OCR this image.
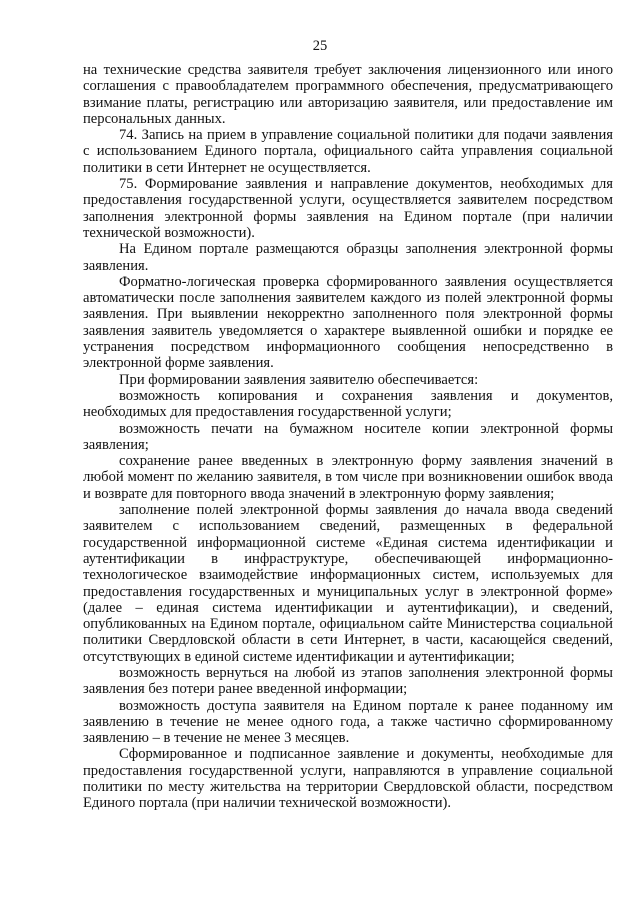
25

на технические средства заявителя требует заключения лицензионного или иного соглашения с правообладателем программного обеспечения, предусматривающего взимание платы, регистрацию или авторизацию заявителя, или предоставление им персональных данных.

74. Запись на прием в управление социальной политики для подачи заявления с использованием Единого портала, официального сайта управления социальной политики в сети Интернет не осуществляется.

75. Формирование заявления и направление документов, необходимых для предоставления государственной услуги, осуществляется заявителем посредством заполнения электронной формы заявления на Едином портале (при наличии технической возможности).

На Едином портале размещаются образцы заполнения электронной формы заявления.

Форматно-логическая проверка сформированного заявления осуществляется автоматически после заполнения заявителем каждого из полей электронной формы заявления. При выявлении некорректно заполненного поля электронной формы заявления заявитель уведомляется о характере выявленной ошибки и порядке ее устранения посредством информационного сообщения непосредственно в электронной форме заявления.

При формировании заявления заявителю обеспечивается:

возможность копирования и сохранения заявления и документов, необходимых для предоставления государственной услуги;

возможность печати на бумажном носителе копии электронной формы заявления;

сохранение ранее введенных в электронную форму заявления значений в любой момент по желанию заявителя, в том числе при возникновении ошибок ввода и возврате для повторного ввода значений в электронную форму заявления;

заполнение полей электронной формы заявления до начала ввода сведений заявителем с использованием сведений, размещенных в федеральной государственной информационной системе «Единая система идентификации и аутентификации в инфраструктуре, обеспечивающей информационно-технологическое взаимодействие информационных систем, используемых для предоставления государственных и муниципальных услуг в электронной форме» (далее – единая система идентификации и аутентификации), и сведений, опубликованных на Едином портале, официальном сайте Министерства социальной политики Свердловской области в сети Интернет, в части, касающейся сведений, отсутствующих в единой системе идентификации и аутентификации;

возможность вернуться на любой из этапов заполнения электронной формы заявления без потери ранее введенной информации;

возможность доступа заявителя на Едином портале к ранее поданному им заявлению в течение не менее одного года, а также частично сформированному заявлению – в течение не менее 3 месяцев.

Сформированное и подписанное заявление и документы, необходимые для предоставления государственной услуги, направляются в управление социальной политики по месту жительства на территории Свердловской области, посредством Единого портала (при наличии технической возможности).
